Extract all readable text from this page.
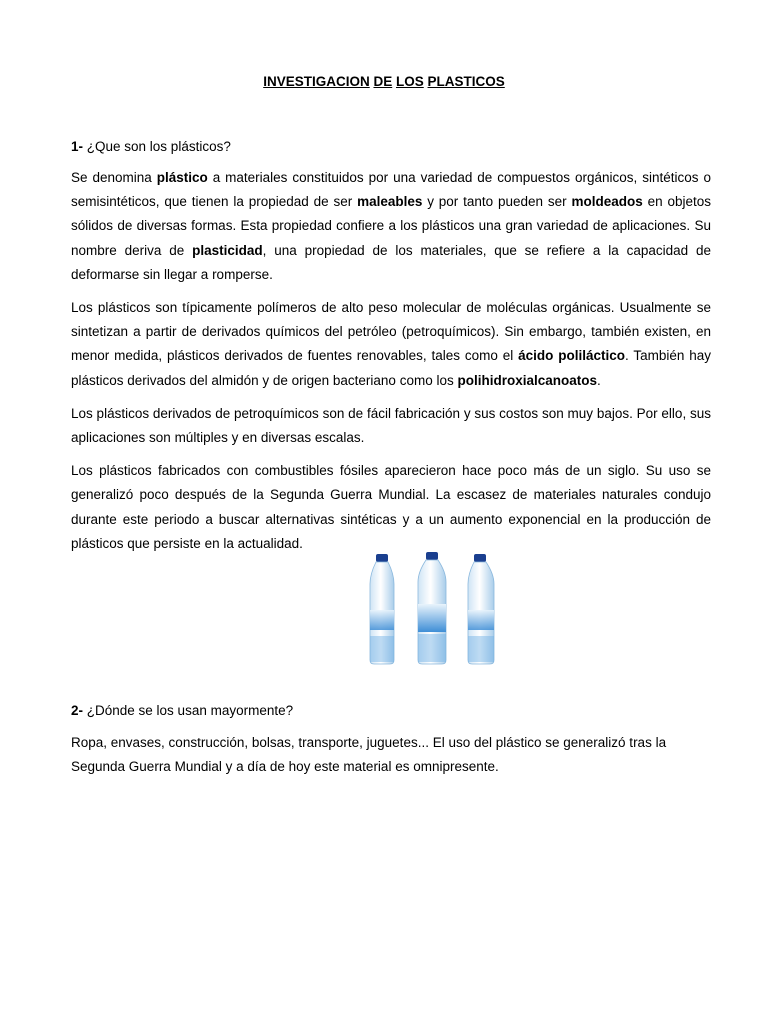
INVESTIGACION DE LOS PLASTICOS
1- ¿Que son los plásticos?

Se denomina plástico a materiales constituidos por una variedad de compuestos orgánicos, sintéticos o semisintéticos, que tienen la propiedad de ser maleables y por tanto pueden ser moldeados en objetos sólidos de diversas formas. Esta propiedad confiere a los plásticos una gran variedad de aplicaciones. Su nombre deriva de plasticidad, una propiedad de los materiales, que se refiere a la capacidad de deformarse sin llegar a romperse.

Los plásticos son típicamente polímeros de alto peso molecular de moléculas orgánicas. Usualmente se sintetizan a partir de derivados químicos del petróleo (petroquímicos). Sin embargo, también existen, en menor medida, plásticos derivados de fuentes renovables, tales como el ácido poliláctico. También hay plásticos derivados del almidón y de origen bacteriano como los polihidroxialcanoatos.

Los plásticos derivados de petroquímicos son de fácil fabricación y sus costos son muy bajos. Por ello, sus aplicaciones son múltiples y en diversas escalas.

Los plásticos fabricados con combustibles fósiles aparecieron hace poco más de un siglo. Su uso se generalizó poco después de la Segunda Guerra Mundial. La escasez de materiales naturales condujo durante este periodo a buscar alternativas sintéticas y a un aumento exponencial en la producción de plásticos que persiste en la actualidad.

2- ¿Dónde se los usan mayormente?

Ropa, envases, construcción, bolsas, transporte, juguetes... El uso del plástico se generalizó tras la Segunda Guerra Mundial y a día de hoy este material es omnipresente.
